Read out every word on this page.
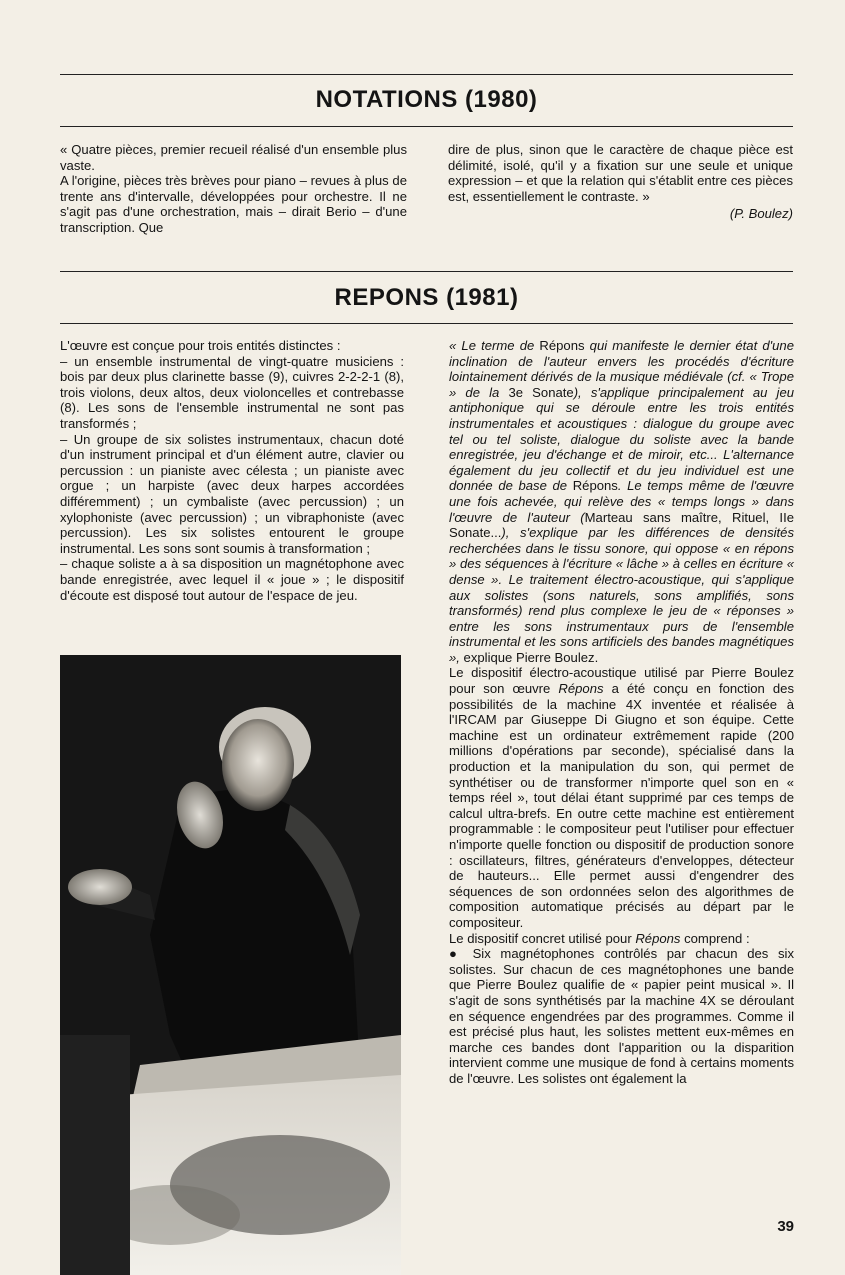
NOTATIONS (1980)

« Quatre pièces, premier recueil réalisé d'un ensemble plus vaste.

A l'origine, pièces très brèves pour piano – revues à plus de trente ans d'intervalle, développées pour orchestre. Il ne s'agit pas d'une orchestration, mais – dirait Berio – d'une transcription. Que

dire de plus, sinon que le caractère de chaque pièce est délimité, isolé, qu'il y a fixation sur une seule et unique expression – et que la relation qui s'établit entre ces pièces est, essentiellement le contraste. »

(P. Boulez)
REPONS (1981)

L'œuvre est conçue pour trois entités distinctes :

– un ensemble instrumental de vingt-quatre musiciens : bois par deux plus clarinette basse (9), cuivres 2-2-2-1 (8), trois violons, deux altos, deux violoncelles et contrebasse (8). Les sons de l'ensemble instrumental ne sont pas transformés ;

– Un groupe de six solistes instrumentaux, chacun doté d'un instrument principal et d'un élément autre, clavier ou percussion : un pianiste avec célesta ; un pianiste avec orgue ; un harpiste (avec deux harpes accordées différemment) ; un cymbaliste (avec percussion) ; un xylophoniste (avec percussion) ; un vibraphoniste (avec percussion). Les six solistes entourent le groupe instrumental. Les sons sont soumis à transformation ;

– chaque soliste a à sa disposition un magnétophone avec bande enregistrée, avec lequel il « joue » ; le dispositif d'écoute est disposé tout autour de l'espace de jeu.

« Le terme de Répons qui manifeste le dernier état d'une inclination de l'auteur envers les procédés d'écriture lointainement dérivés de la musique médiévale (cf. « Trope » de la 3e Sonate), s'applique principalement au jeu antiphonique qui se déroule entre les trois entités instrumentales et acoustiques : dialogue du groupe avec tel ou tel soliste, dialogue du soliste avec la bande enregistrée, jeu d'échange et de miroir, etc... L'alternance également du jeu collectif et du jeu individuel est une donnée de base de Répons. Le temps même de l'œuvre une fois achevée, qui relève des « temps longs » dans l'œuvre de l'auteur (Marteau sans maître, Rituel, IIe Sonate...), s'explique par les différences de densités recherchées dans le tissu sonore, qui oppose « en répons » des séquences à l'écriture « lâche » à celles en écriture « dense ». Le traitement électro-acoustique, qui s'applique aux solistes (sons naturels, sons amplifiés, sons transformés) rend plus complexe le jeu de « réponses » entre les sons instrumentaux purs de l'ensemble instrumental et les sons artificiels des bandes magnétiques », explique Pierre Boulez.

Le dispositif électro-acoustique utilisé par Pierre Boulez pour son œuvre Répons a été conçu en fonction des possibilités de la machine 4X inventée et réalisée à l'IRCAM par Giuseppe Di Giugno et son équipe. Cette machine est un ordinateur extrêmement rapide (200 millions d'opérations par seconde), spécialisé dans la production et la manipulation du son, qui permet de synthétiser ou de transformer n'importe quel son en « temps réel », tout délai étant supprimé par ces temps de calcul ultra-brefs. En outre cette machine est entièrement programmable : le compositeur peut l'utiliser pour effectuer n'importe quelle fonction ou dispositif de production sonore : oscillateurs, filtres, générateurs d'enveloppes, détecteur de hauteurs... Elle permet aussi d'engendrer des séquences de son ordonnées selon des algorithmes de composition automatique précisés au départ par le compositeur.

Le dispositif concret utilisé pour Répons comprend :

● Six magnétophones contrôlés par chacun des six solistes. Sur chacun de ces magnétophones une bande que Pierre Boulez qualifie de « papier peint musical ». Il s'agit de sons synthétisés par la machine 4X se déroulant en séquence engendrées par des programmes. Comme il est précisé plus haut, les solistes mettent eux-mêmes en marche ces bandes dont l'apparition ou la disparition intervient comme une musique de fond à certains moments de l'œuvre. Les solistes ont également la

39
